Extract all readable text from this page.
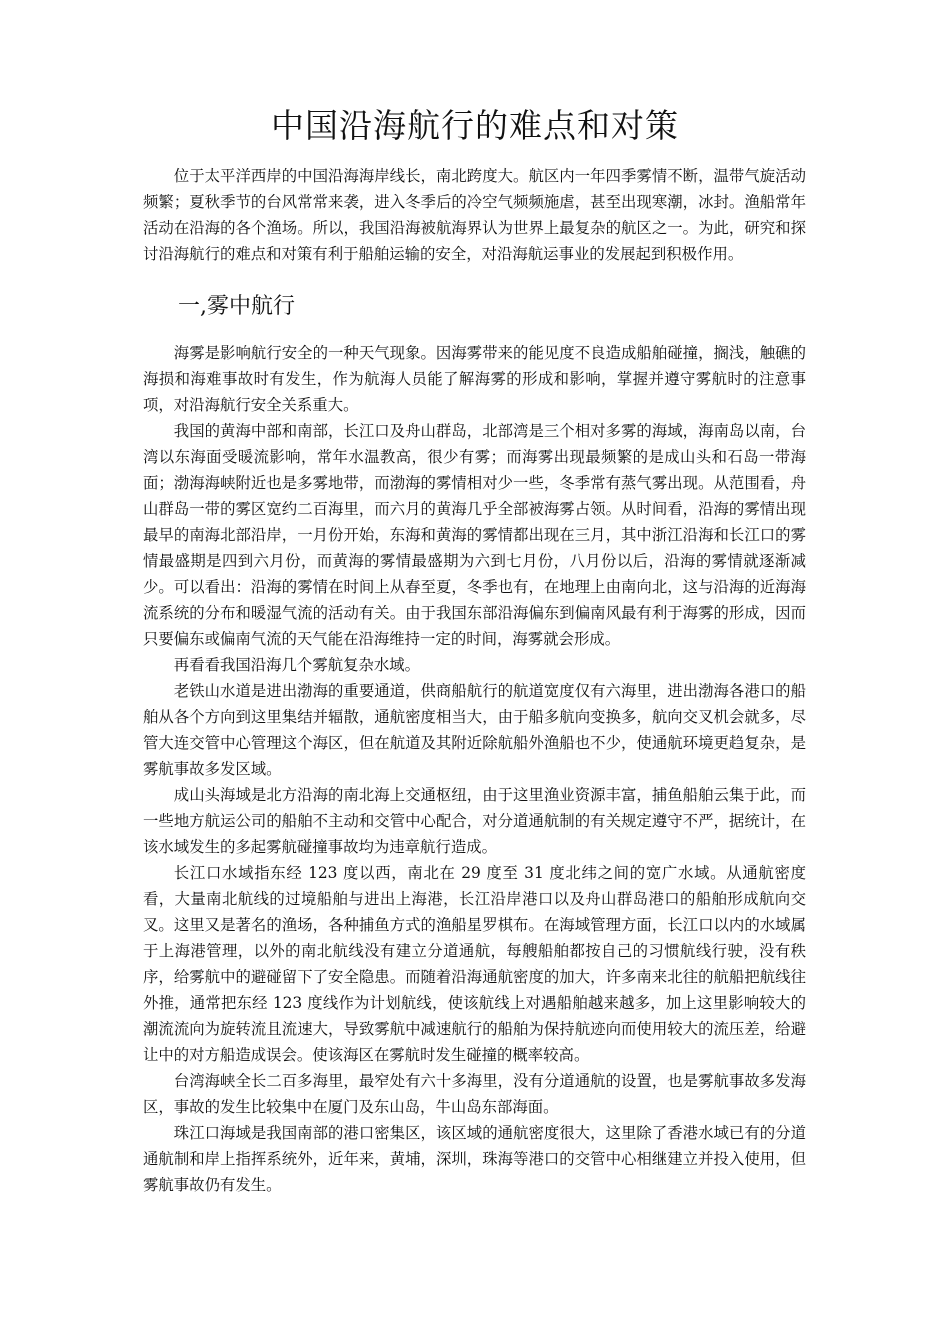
中国沿海航行的难点和对策

位于太平洋西岸的中国沿海海岸线长，南北跨度大。航区内一年四季雾情不断，温带气旋活动频繁；夏秋季节的台风常常来袭，进入冬季后的冷空气频频施虐，甚至出现寒潮，冰封。渔船常年活动在沿海的各个渔场。所以，我国沿海被航海界认为世界上最复杂的航区之一。为此，研究和探讨沿海航行的难点和对策有利于船舶运输的安全，对沿海航运事业的发展起到积极作用。

一,雾中航行

海雾是影响航行安全的一种天气现象。因海雾带来的能见度不良造成船舶碰撞，搁浅，触礁的海损和海难事故时有发生，作为航海人员能了解海雾的形成和影响，掌握并遵守雾航时的注意事项，对沿海航行安全关系重大。

我国的黄海中部和南部，长江口及舟山群岛，北部湾是三个相对多雾的海域，海南岛以南，台湾以东海面受暖流影响，常年水温教高，很少有雾；而海雾出现最频繁的是成山头和石岛一带海面；渤海海峡附近也是多雾地带，而渤海的雾情相对少一些，冬季常有蒸气雾出现。从范围看，舟山群岛一带的雾区宽约二百海里，而六月的黄海几乎全部被海雾占领。从时间看，沿海的雾情出现最早的南海北部沿岸，一月份开始，东海和黄海的雾情都出现在三月，其中浙江沿海和长江口的雾情最盛期是四到六月份，而黄海的雾情最盛期为六到七月份，八月份以后，沿海的雾情就逐渐减少。可以看出：沿海的雾情在时间上从春至夏，冬季也有，在地理上由南向北，这与沿海的近海海流系统的分布和暖湿气流的活动有关。由于我国东部沿海偏东到偏南风最有利于海雾的形成，因而只要偏东或偏南气流的天气能在沿海维持一定的时间，海雾就会形成。

再看看我国沿海几个雾航复杂水域。

老铁山水道是进出渤海的重要通道，供商船航行的航道宽度仅有六海里，进出渤海各港口的船舶从各个方向到这里集结并辐散，通航密度相当大，由于船多航向变换多，航向交叉机会就多，尽管大连交管中心管理这个海区，但在航道及其附近除航船外渔船也不少，使通航环境更趋复杂，是雾航事故多发区域。

成山头海域是北方沿海的南北海上交通枢纽，由于这里渔业资源丰富，捕鱼船舶云集于此，而一些地方航运公司的船舶不主动和交管中心配合，对分道通航制的有关规定遵守不严，据统计，在该水域发生的多起雾航碰撞事故均为违章航行造成。

长江口水域指东经 123 度以西，南北在 29 度至 31 度北纬之间的宽广水域。从通航密度看，大量南北航线的过境船舶与进出上海港，长江沿岸港口以及舟山群岛港口的船舶形成航向交叉。这里又是著名的渔场，各种捕鱼方式的渔船星罗棋布。在海域管理方面，长江口以内的水域属于上海港管理，以外的南北航线没有建立分道通航，每艘船舶都按自己的习惯航线行驶，没有秩序，给雾航中的避碰留下了安全隐患。而随着沿海通航密度的加大，许多南来北往的航船把航线往外推，通常把东经 123 度线作为计划航线，使该航线上对遇船舶越来越多，加上这里影响较大的潮流流向为旋转流且流速大，导致雾航中减速航行的船舶为保持航迹向而使用较大的流压差，给避让中的对方船造成误会。使该海区在雾航时发生碰撞的概率较高。

台湾海峡全长二百多海里，最窄处有六十多海里，没有分道通航的设置，也是雾航事故多发海区，事故的发生比较集中在厦门及东山岛，牛山岛东部海面。

珠江口海域是我国南部的港口密集区，该区域的通航密度很大，这里除了香港水域已有的分道通航制和岸上指挥系统外，近年来，黄埔，深圳，珠海等港口的交管中心相继建立并投入使用，但雾航事故仍有发生。
